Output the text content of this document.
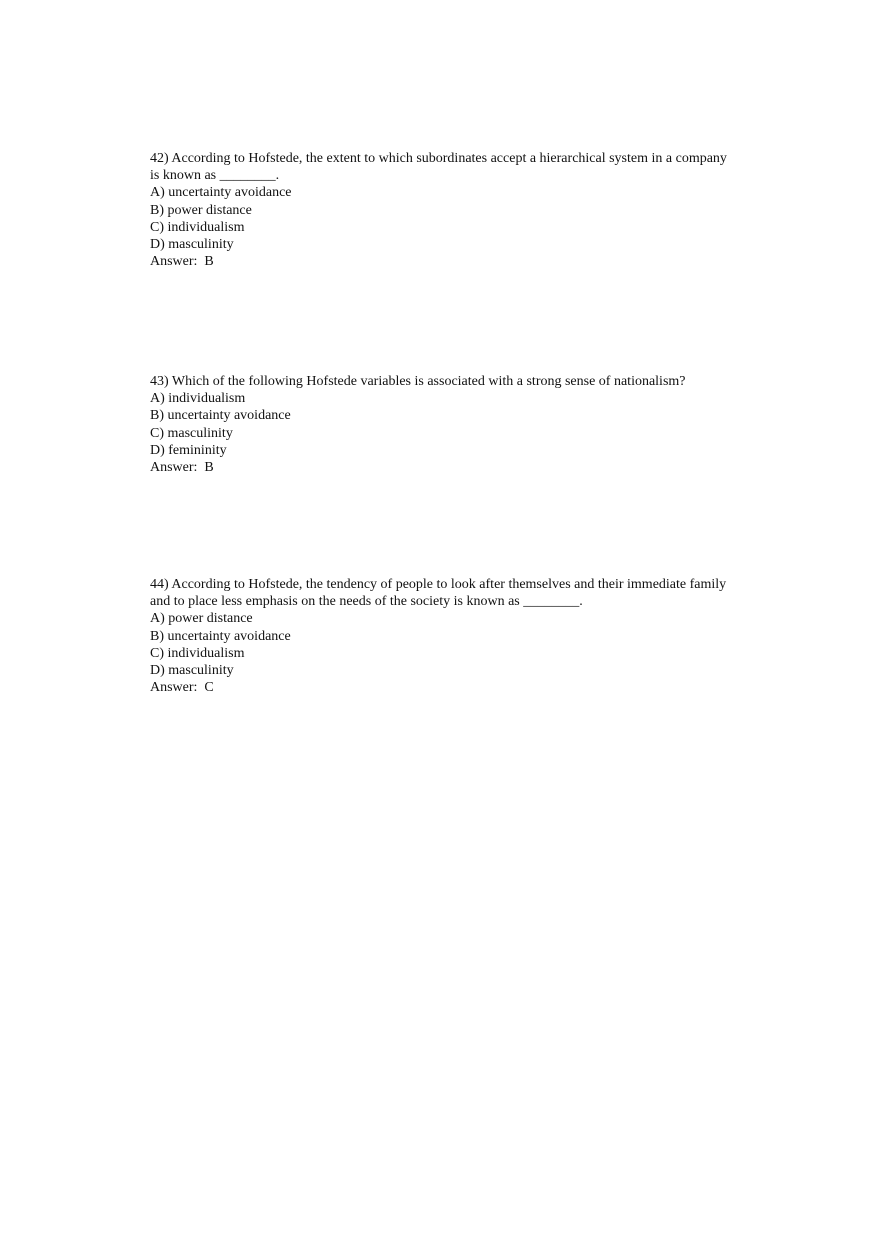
42) According to Hofstede, the extent to which subordinates accept a hierarchical system in a company is known as ________.

A) uncertainty avoidance
B) power distance
C) individualism
D) masculinity
Answer:  B

43) Which of the following Hofstede variables is associated with a strong sense of nationalism?

A) individualism
B) uncertainty avoidance
C) masculinity
D) femininity
Answer:  B

44) According to Hofstede, the tendency of people to look after themselves and their immediate family and to place less emphasis on the needs of the society is known as ________.

A) power distance
B) uncertainty avoidance
C) individualism
D) masculinity
Answer:  C
